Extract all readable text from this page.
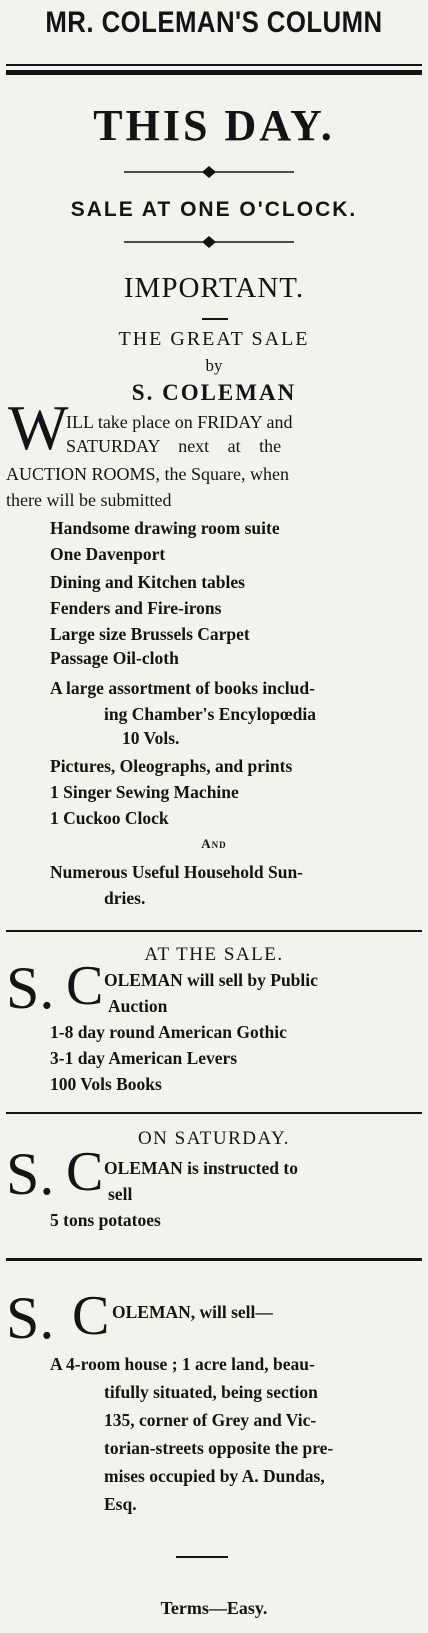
MR. COLEMAN'S COLUMN
THIS DAY.
SALE AT ONE O'CLOCK.
IMPORTANT.
THE GREAT SALE
by
S. COLEMAN
W
ILL take place on FRIDAY and
SATURDAY next at the
AUCTION ROOMS, the Square, when
there will be submitted
Handsome drawing room suite
One Davenport
Dining and Kitchen tables
Fenders and Fire-irons
Large size Brussels Carpet
Passage Oil-cloth
A large assortment of books includ-
ing Chamber's Encylopœdia
10 Vols.
Pictures, Oleographs, and prints
1 Singer Sewing Machine
1 Cuckoo Clock
And
Numerous Useful Household Sun-
dries.
AT THE SALE.
S. C OLEMAN will sell by Public
Auction
1-8 day round American Gothic
3-1 day American Levers
100 Vols Books
ON SATURDAY.
S. C OLEMAN is instructed to
sell
5 tons potatoes
S. C OLEMAN, will sell—
A 4-room house ; 1 acre land, beau-
tifully situated, being section
135, corner of Grey and Vic-
torian-streets opposite the pre-
mises occupied by A. Dundas,
Esq.
Terms—Easy.
